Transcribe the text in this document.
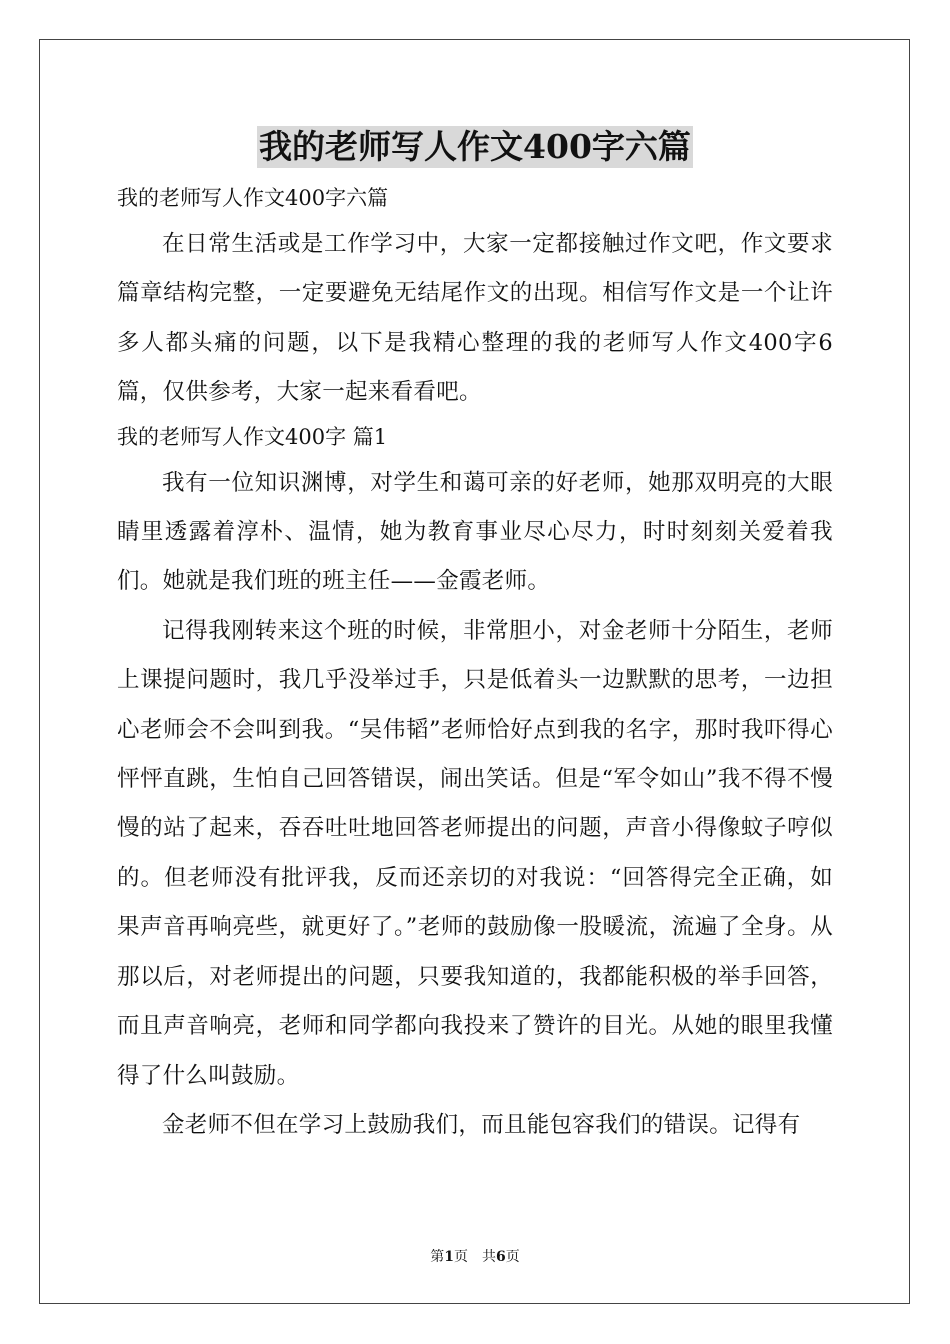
我的老师写人作文400字六篇

我的老师写人作文400字六篇

在日常生活或是工作学习中，大家一定都接触过作文吧，作文要求篇章结构完整，一定要避免无结尾作文的出现。相信写作文是一个让许多人都头痛的问题，以下是我精心整理的我的老师写人作文400字6篇，仅供参考，大家一起来看看吧。

我的老师写人作文400字 篇1

我有一位知识渊博，对学生和蔼可亲的好老师，她那双明亮的大眼睛里透露着淳朴、温情，她为教育事业尽心尽力，时时刻刻关爱着我们。她就是我们班的班主任——金霞老师。

记得我刚转来这个班的时候，非常胆小，对金老师十分陌生，老师上课提问题时，我几乎没举过手，只是低着头一边默默的思考，一边担心老师会不会叫到我。“吴伟韬”老师恰好点到我的名字，那时我吓得心怦怦直跳，生怕自己回答错误，闹出笑话。但是“军令如山”我不得不慢慢的站了起来，吞吞吐吐地回答老师提出的问题，声音小得像蚊子哼似的。但老师没有批评我，反而还亲切的对我说：“回答得完全正确，如果声音再响亮些，就更好了。”老师的鼓励像一股暖流，流遍了全身。从那以后，对老师提出的问题，只要我知道的，我都能积极的举手回答，而且声音响亮，老师和同学都向我投来了赞许的目光。从她的眼里我懂得了什么叫鼓励。

金老师不但在学习上鼓励我们，而且能包容我们的错误。记得有

第1页　共6页
